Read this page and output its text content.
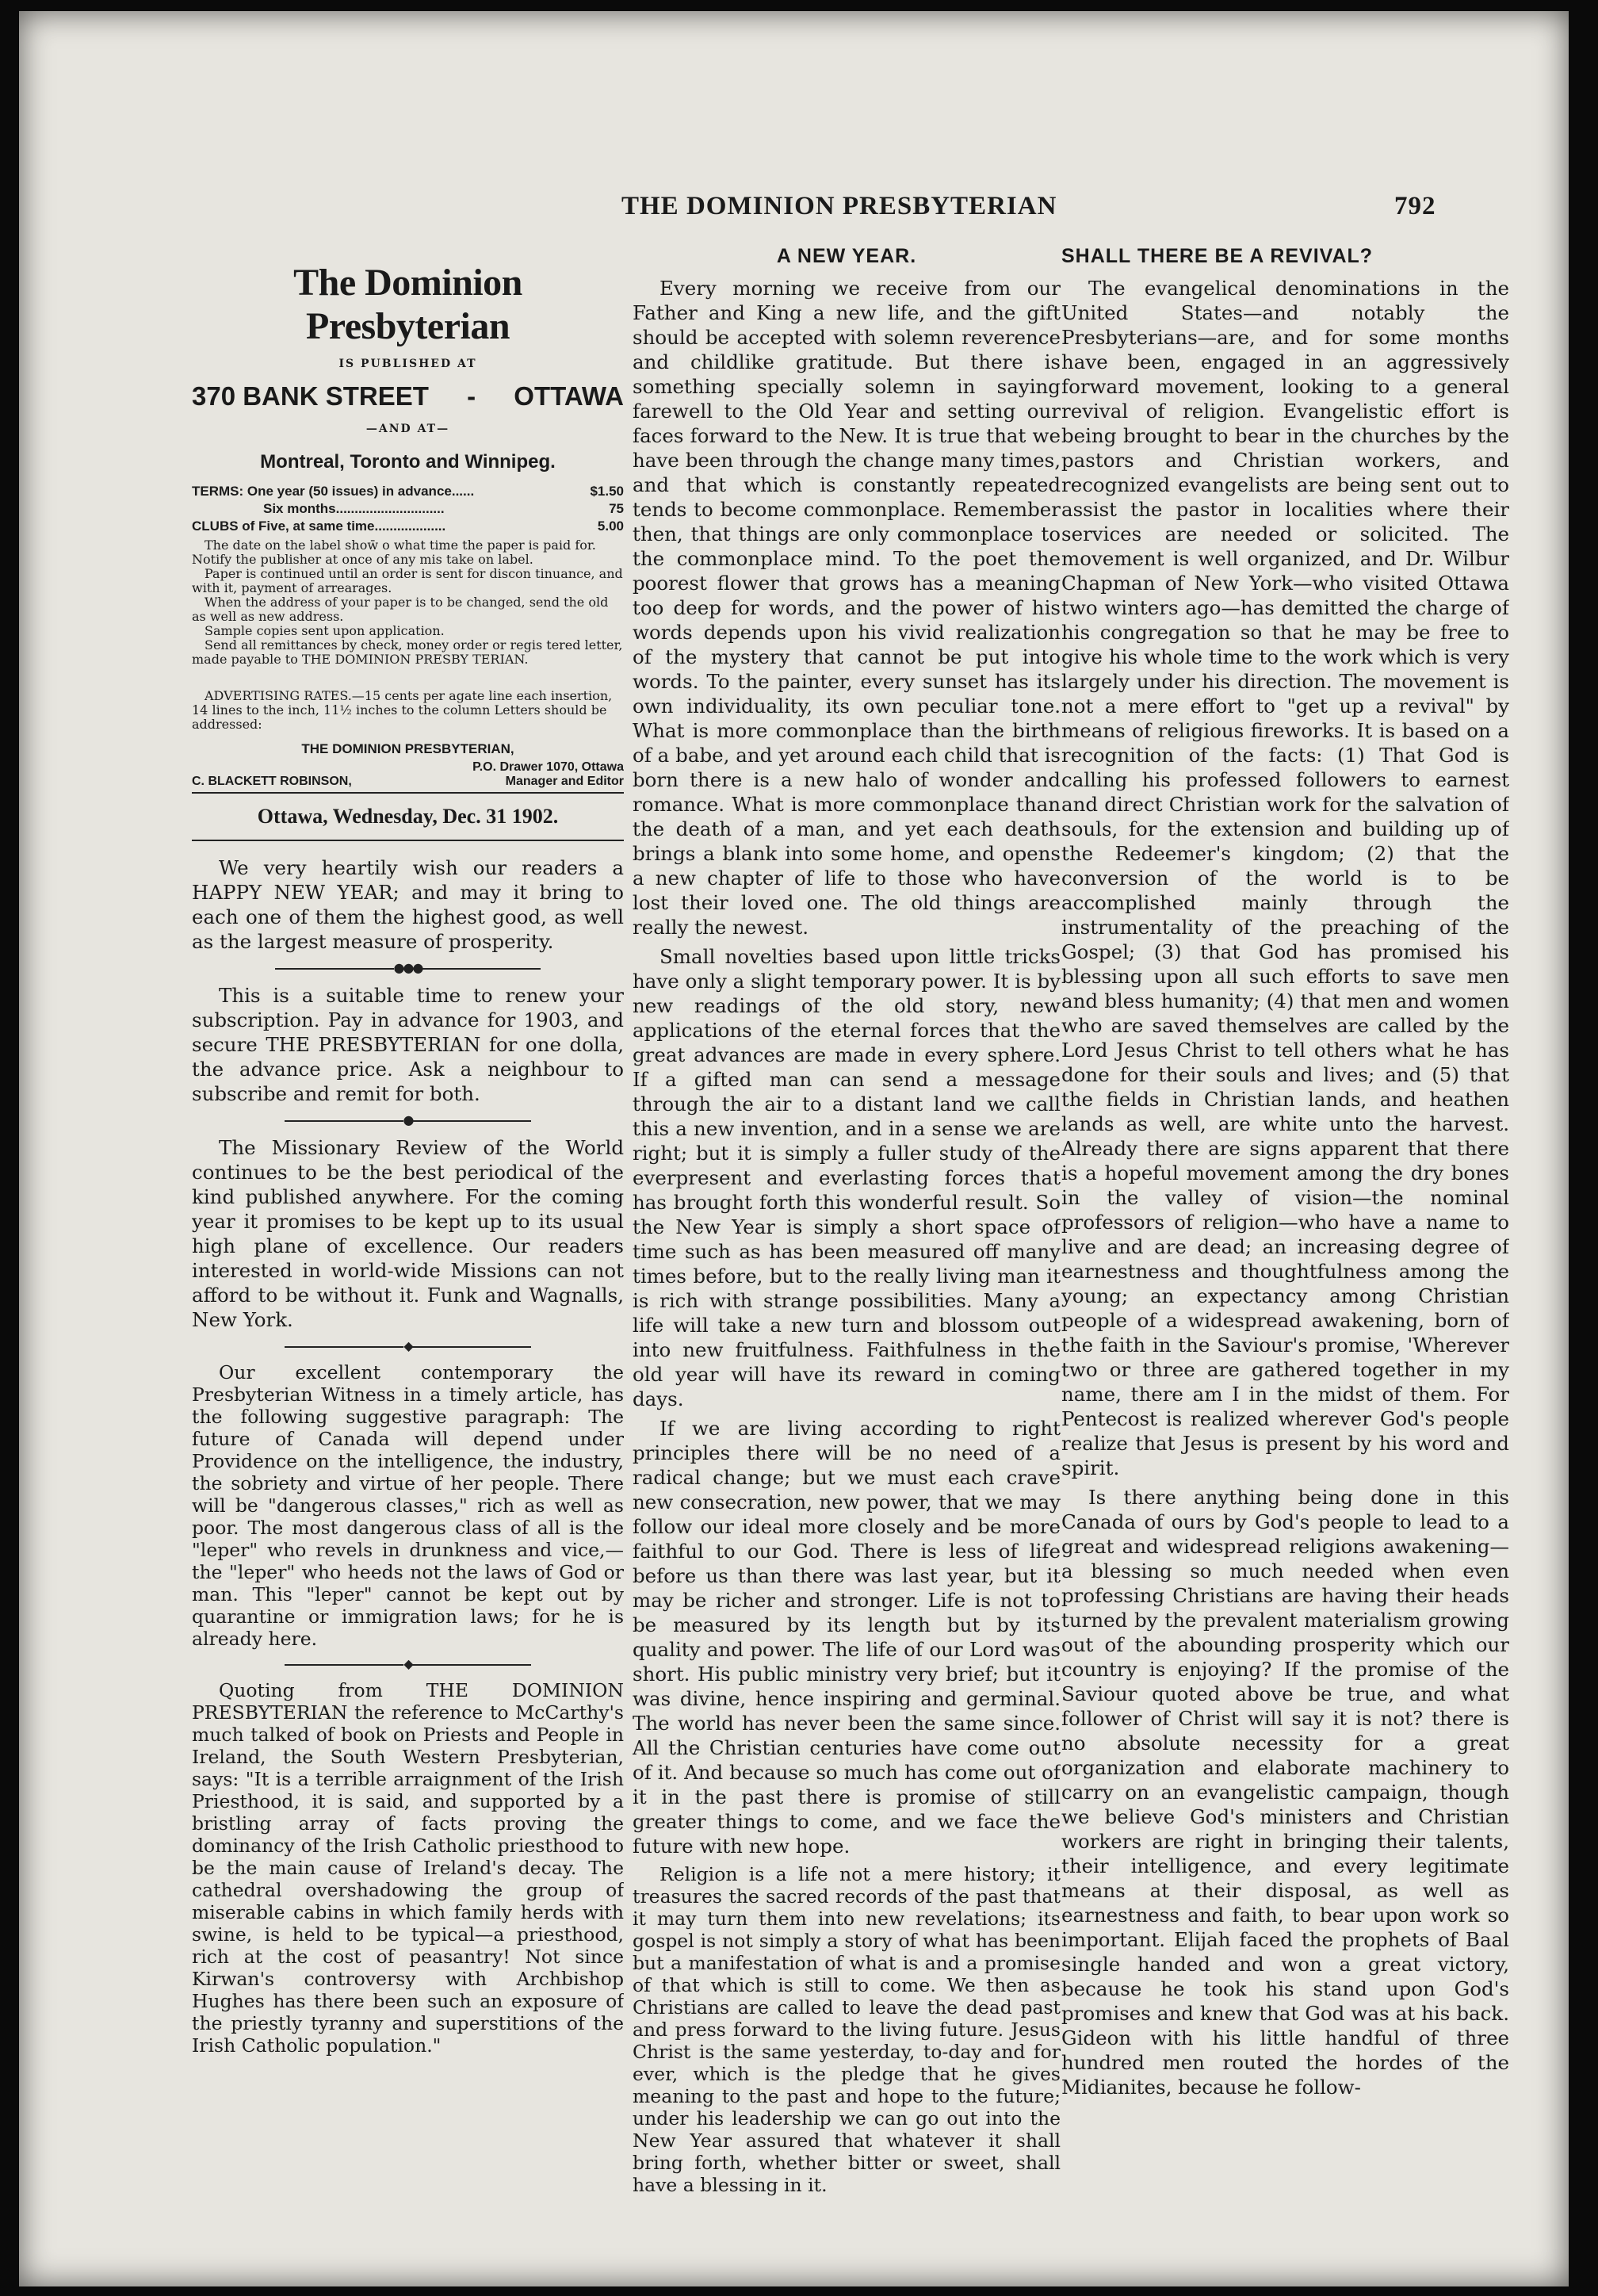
THE DOMINION PRESBYTERIAN	792
The Dominion Presbyterian
IS PUBLISHED AT
370 BANK STREET - OTTAWA
—AND AT—
Montreal, Toronto and Winnipeg.
TERMS: One year (50 issues) in advance......	$1.50
Six months.............................	75
CLUBS of Five, at same time...................	5.00

The date on the label show̄ o what time the paper is paid for. Notify the publisher at once of any mis take on label.

Paper is continued until an order is sent for discon tinuance, and with it, payment of arrearages.

When the address of your paper is to be changed, send the old as well as new address.

Sample copies sent upon application.

Send all remittances by check, money order or regis tered letter, made payable to THE DOMINION PRESBY TERIAN.

ADVERTISING RATES.—15 cents per agate line each insertion, 14 lines to the inch, 11½ inches to the column Letters should be addressed:

THE DOMINION PRESBYTERIAN,
P.O. Drawer 1070, Ottawa
C. BLACKETT ROBINSON,	Manager and Editor
Ottawa, Wednesday, Dec. 31 1902.

We very heartily wish our readers a HAPPY NEW YEAR; and may it bring to each one of them the highest good, as well as the largest measure of prosperity.

●●●

This is a suitable time to renew your subscription. Pay in advance for 1903, and secure THE PRESBYTERIAN for one dolla, the advance price. Ask a neighbour to subscribe and remit for both.

●

The Missionary Review of the World continues to be the best periodical of the kind published anywhere. For the coming year it promises to be kept up to its usual high plane of excellence. Our readers interested in world-wide Missions can not afford to be without it. Funk and Wagnalls, New York.

◆

Our excellent contemporary the Presbyterian Witness in a timely article, has the following suggestive paragraph: The future of Canada will depend under Providence on the intelligence, the industry, the sobriety and virtue of her people. There will be "dangerous classes," rich as well as poor. The most dangerous class of all is the "leper" who revels in drunkness and vice,—the "leper" who heeds not the laws of God or man. This "leper" cannot be kept out by quarantine or immigration laws; for he is already here.

◆

Quoting from THE DOMINION PRESBYTERIAN the reference to McCarthy's much talked of book on Priests and People in Ireland, the South Western Presbyterian, says: "It is a terrible arraignment of the Irish Priesthood, it is said, and supported by a bristling array of facts proving the dominancy of the Irish Catholic priesthood to be the main cause of Ireland's decay. The cathedral overshadowing the group of miserable cabins in which family herds with swine, is held to be typical—a priesthood, rich at the cost of peasantry! Not since Kirwan's controversy with Archbishop Hughes has there been such an exposure of the priestly tyranny and superstitions of the Irish Catholic population."

A NEW YEAR.

Every morning we receive from our Father and King a new life, and the gift should be accepted with solemn reverence and childlike gratitude. But there is something specially solemn in saying farewell to the Old Year and setting our faces forward to the New. It is true that we have been through the change many times, and that which is constantly repeated tends to become commonplace. Remember then, that things are only commonplace to the commonplace mind. To the poet the poorest flower that grows has a meaning too deep for words, and the power of his words depends upon his vivid realization of the mystery that cannot be put into words. To the painter, every sunset has its own individuality, its own peculiar tone. What is more commonplace than the birth of a babe, and yet around each child that is born there is a new halo of wonder and romance. What is more commonplace than the death of a man, and yet each death brings a blank into some home, and opens a new chapter of life to those who have lost their loved one. The old things are really the newest.

Small novelties based upon little tricks have only a slight temporary power. It is by new readings of the old story, new applications of the eternal forces that the great advances are made in every sphere. If a gifted man can send a message through the air to a distant land we call this a new invention, and in a sense we are right; but it is simply a fuller study of the everpresent and everlasting forces that has brought forth this wonderful result. So the New Year is simply a short space of time such as has been measured off many times before, but to the really living man it is rich with strange possibilities. Many a life will take a new turn and blossom out into new fruitfulness. Faithfulness in the old year will have its reward in coming days.

If we are living according to right principles there will be no need of a radical change; but we must each crave new consecration, new power, that we may follow our ideal more closely and be more faithful to our God. There is less of life before us than there was last year, but it may be richer and stronger. Life is not to be measured by its length but by its quality and power. The life of our Lord was short. His public ministry very brief; but it was divine, hence inspiring and germinal. The world has never been the same since. All the Christian centuries have come out of it. And because so much has come out of it in the past there is promise of still greater things to come, and we face the future with new hope.

Religion is a life not a mere history; it treasures the sacred records of the past that it may turn them into new revelations; its gospel is not simply a story of what has been but a manifestation of what is and a promise of that which is still to come. We then as Christians are called to leave the dead past and press forward to the living future. Jesus Christ is the same yesterday, to-day and for ever, which is the pledge that he gives meaning to the past and hope to the future; under his leadership we can go out into the New Year assured that whatever it shall bring forth, whether bitter or sweet, shall have a blessing in it.

SHALL THERE BE A REVIVAL?

The evangelical denominations in the United States—and notably the Presbyterians—are, and for some months have been, engaged in an aggressively forward movement, looking to a general revival of religion. Evangelistic effort is being brought to bear in the churches by the pastors and Christian workers, and recognized evangelists are being sent out to assist the pastor in localities where their services are needed or solicited. The movement is well organized, and Dr. Wilbur Chapman of New York—who visited Ottawa two winters ago—has demitted the charge of his congregation so that he may be free to give his whole time to the work which is very largely under his direction. The movement is not a mere effort to "get up a revival" by means of religious fireworks. It is based on a recognition of the facts: (1) That God is calling his professed followers to earnest and direct Christian work for the salvation of souls, for the extension and building up of the Redeemer's kingdom; (2) that the conversion of the world is to be accomplished mainly through the instrumentality of the preaching of the Gospel; (3) that God has promised his blessing upon all such efforts to save men and bless humanity; (4) that men and women who are saved themselves are called by the Lord Jesus Christ to tell others what he has done for their souls and lives; and (5) that the fields in Christian lands, and heathen lands as well, are white unto the harvest. Already there are signs apparent that there is a hopeful movement among the dry bones in the valley of vision—the nominal professors of religion—who have a name to live and are dead; an increasing degree of earnestness and thoughtfulness among the young; an expectancy among Christian people of a widespread awakening, born of the faith in the Saviour's promise, 'Wherever two or three are gathered together in my name, there am I in the midst of them. For Pentecost is realized wherever God's people realize that Jesus is present by his word and spirit.

Is there anything being done in this Canada of ours by God's people to lead to a great and widespread religions awakening—a blessing so much needed when even professing Christians are having their heads turned by the prevalent materialism growing out of the abounding prosperity which our country is enjoying? If the promise of the Saviour quoted above be true, and what follower of Christ will say it is not? there is no absolute necessity for a great organization and elaborate machinery to carry on an evangelistic campaign, though we believe God's ministers and Christian workers are right in bringing their talents, their intelligence, and every legitimate means at their disposal, as well as earnestness and faith, to bear upon work so important. Elijah faced the prophets of Baal single handed and won a great victory, because he took his stand upon God's promises and knew that God was at his back. Gideon with his little handful of three hundred men routed the hordes of the Midianites, because he follow-
